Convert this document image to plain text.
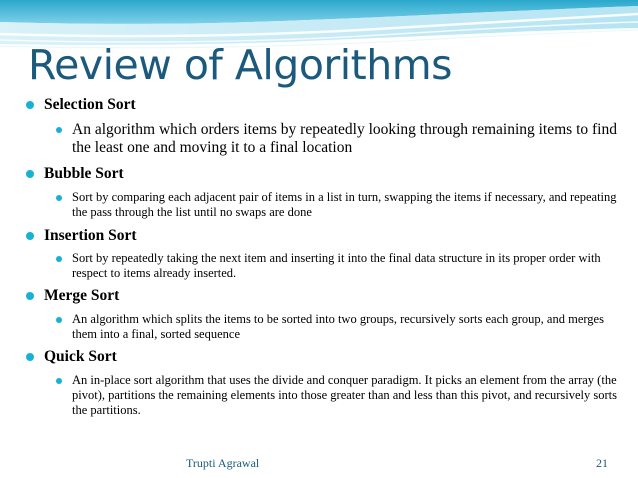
Review of Algorithms
Selection Sort
An algorithm which orders items by repeatedly looking through remaining items to find the least one and moving it to a final location
Bubble Sort
Sort by comparing each adjacent pair of items in a list in turn, swapping the items if necessary, and repeating the pass through the list until no swaps are done
Insertion Sort
Sort by repeatedly taking the next item and inserting it into the final data structure in its proper order with respect to items already inserted.
Merge Sort
An algorithm which splits the items to be sorted into two groups, recursively sorts each group, and merges them into a final, sorted sequence
Quick Sort
An in-place sort algorithm that uses the divide and conquer paradigm. It picks an element from the array (the pivot), partitions the remaining elements into those greater than and less than this pivot, and recursively sorts the partitions.
Trupti Agrawal	21
